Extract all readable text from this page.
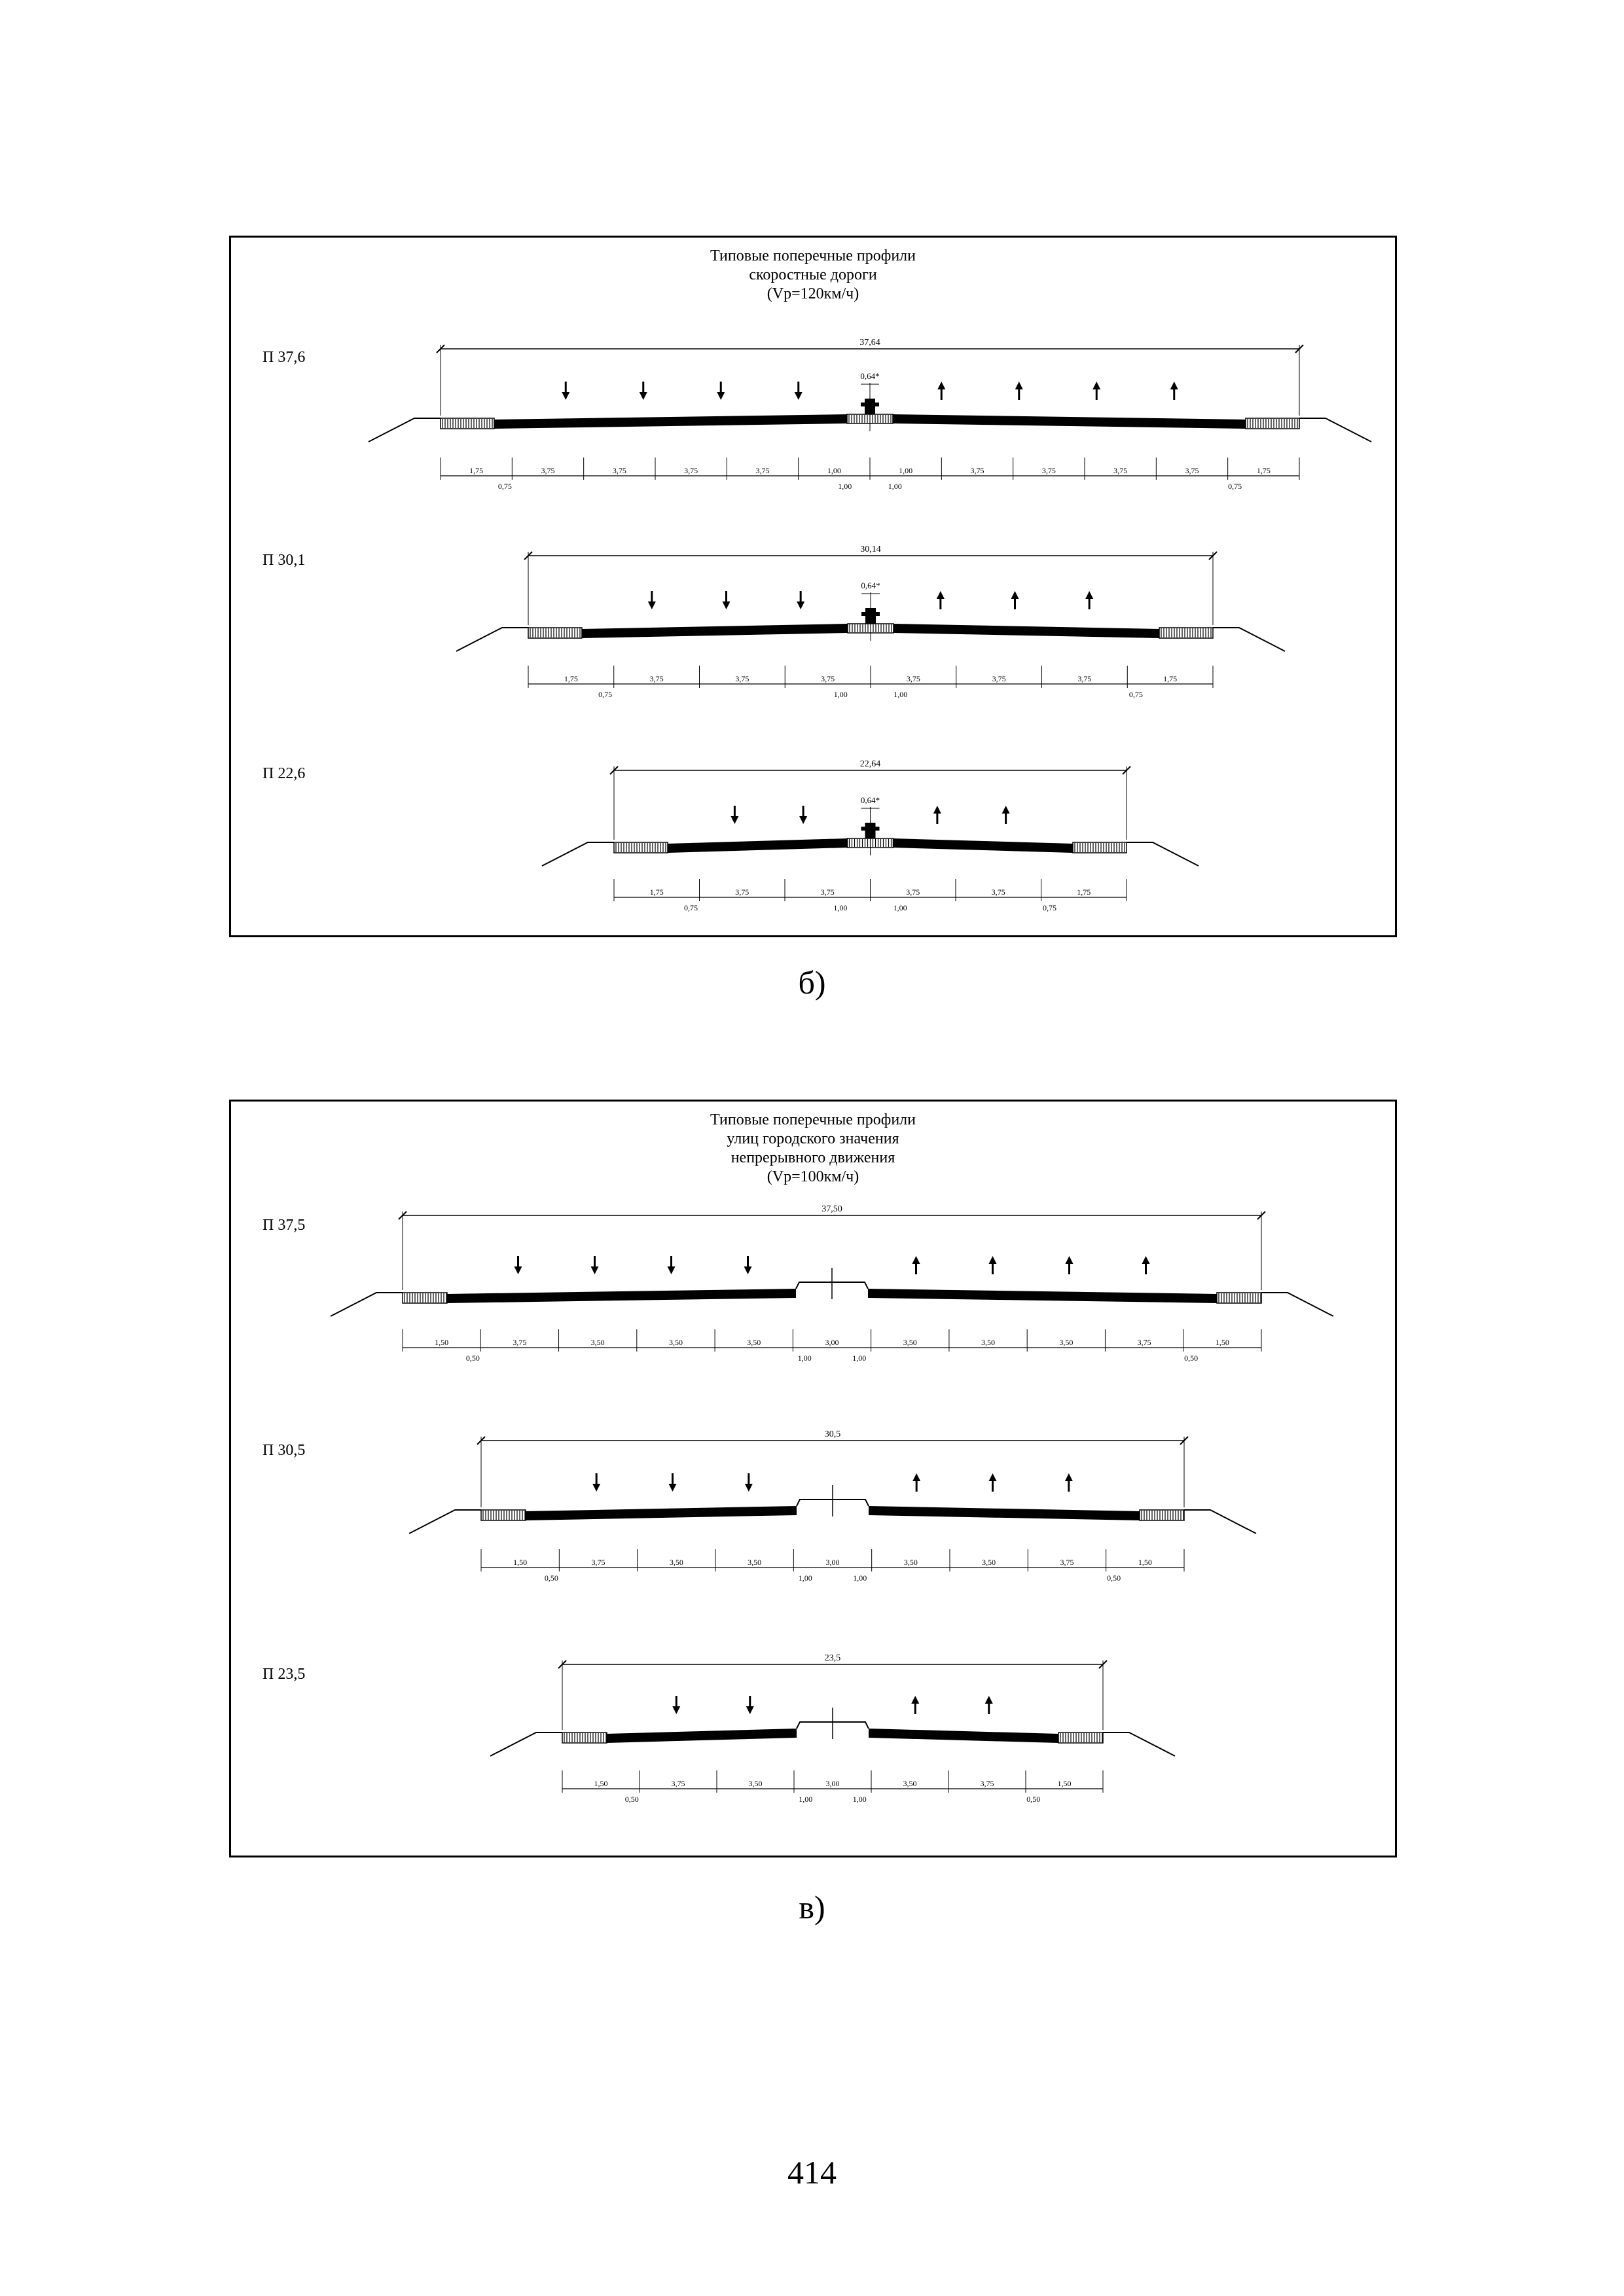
Типовые поперечные профили
скоростные дороги
(Vp=120км/ч)
П 37,6
37,64
0,64*
1,75	3,75	3,75	3,75	3,75	1,00	1,00	3,75	3,75	3,75	3,75	1,75
0,75	1,00	1,00	0,75
П 30,1
30,14
0,64*
1,75	3,75	3,75	3,75	3,75	3,75	3,75	1,75
0,75	1,00	1,00	0,75
П 22,6
22,64
0,64*
1,75	3,75	3,75	3,75	3,75	1,75
0,75	1,00	1,00	0,75
б)
Типовые поперечные профили
улиц городского значения
непрерывного движения
(Vp=100км/ч)
П 37,5
37,50
1,50	3,75	3,50	3,50	3,50	3,00	3,50	3,50	3,50	3,75	1,50
0,50	1,00	1,00	0,50
П 30,5
30,5
1,50	3,75	3,50	3,50	3,00	3,50	3,50	3,75	1,50
0,50	1,00	1,00	0,50
П 23,5
23,5
1,50	3,75	3,50	3,00	3,50	3,75	1,50
0,50	1,00	1,00	0,50
в)
414
